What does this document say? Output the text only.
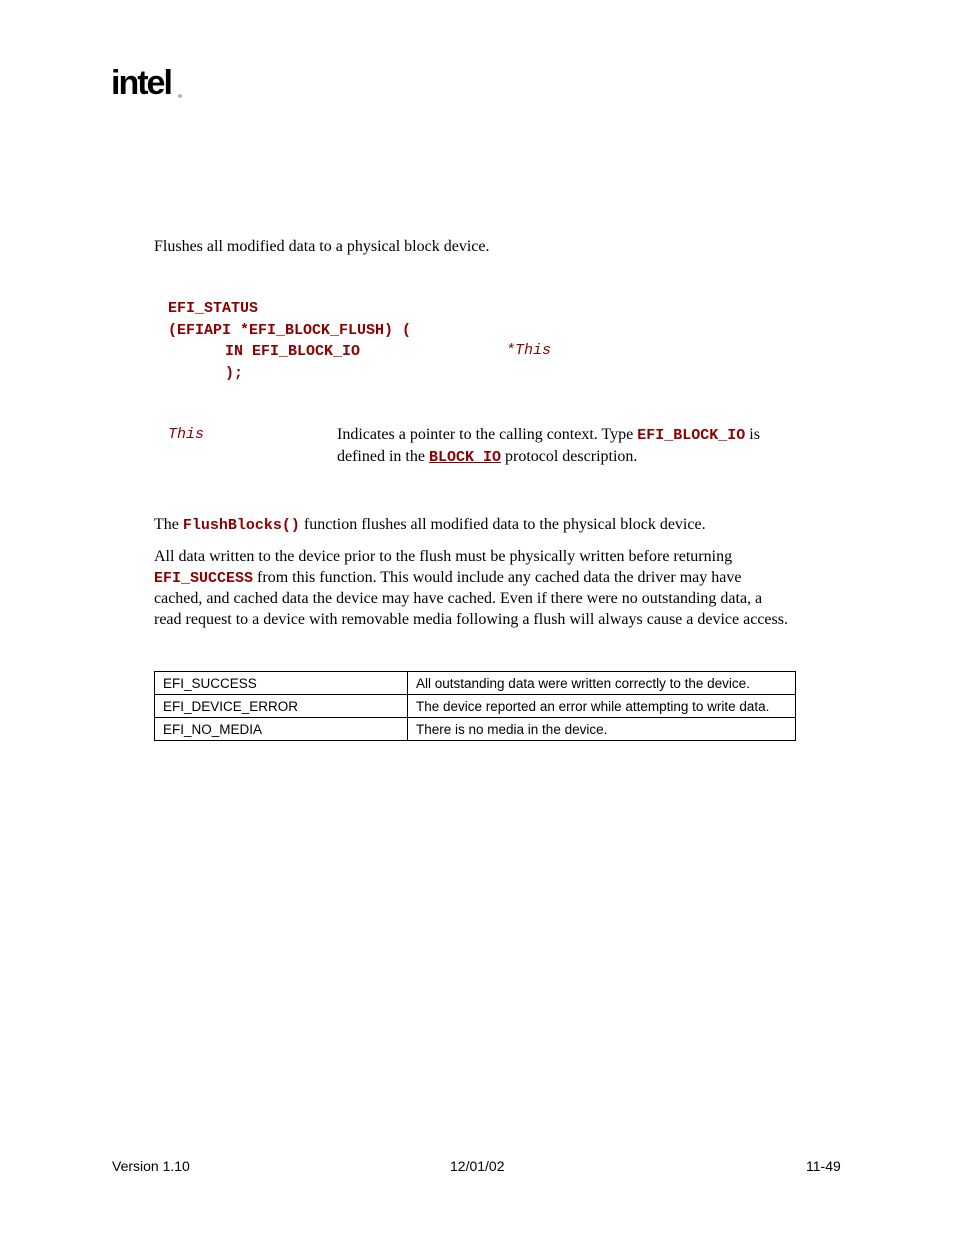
intel
Flushes all modified data to a physical block device.
EFI_STATUS
(EFIAPI *EFI_BLOCK_FLUSH) (
IN EFI_BLOCK_IO	*This

);
This	Indicates a pointer to the calling context. Type EFI_BLOCK_IO is
defined in the BLOCK_IO protocol description.
The FlushBlocks() function flushes all modified data to the physical block device.
All data written to the device prior to the flush must be physically written before returning
EFI_SUCCESS from this function. This would include any cached data the driver may have
cached, and cached data the device may have cached. Even if there were no outstanding data, a
read request to a device with removable media following a flush will always cause a device access.
EFI_SUCCESS	All outstanding data were written correctly to the device.
EFI_DEVICE_ERROR	The device reported an error while attempting to write data.
EFI_NO_MEDIA	There is no media in the device.
Version 1.10	12/01/02	11-49
